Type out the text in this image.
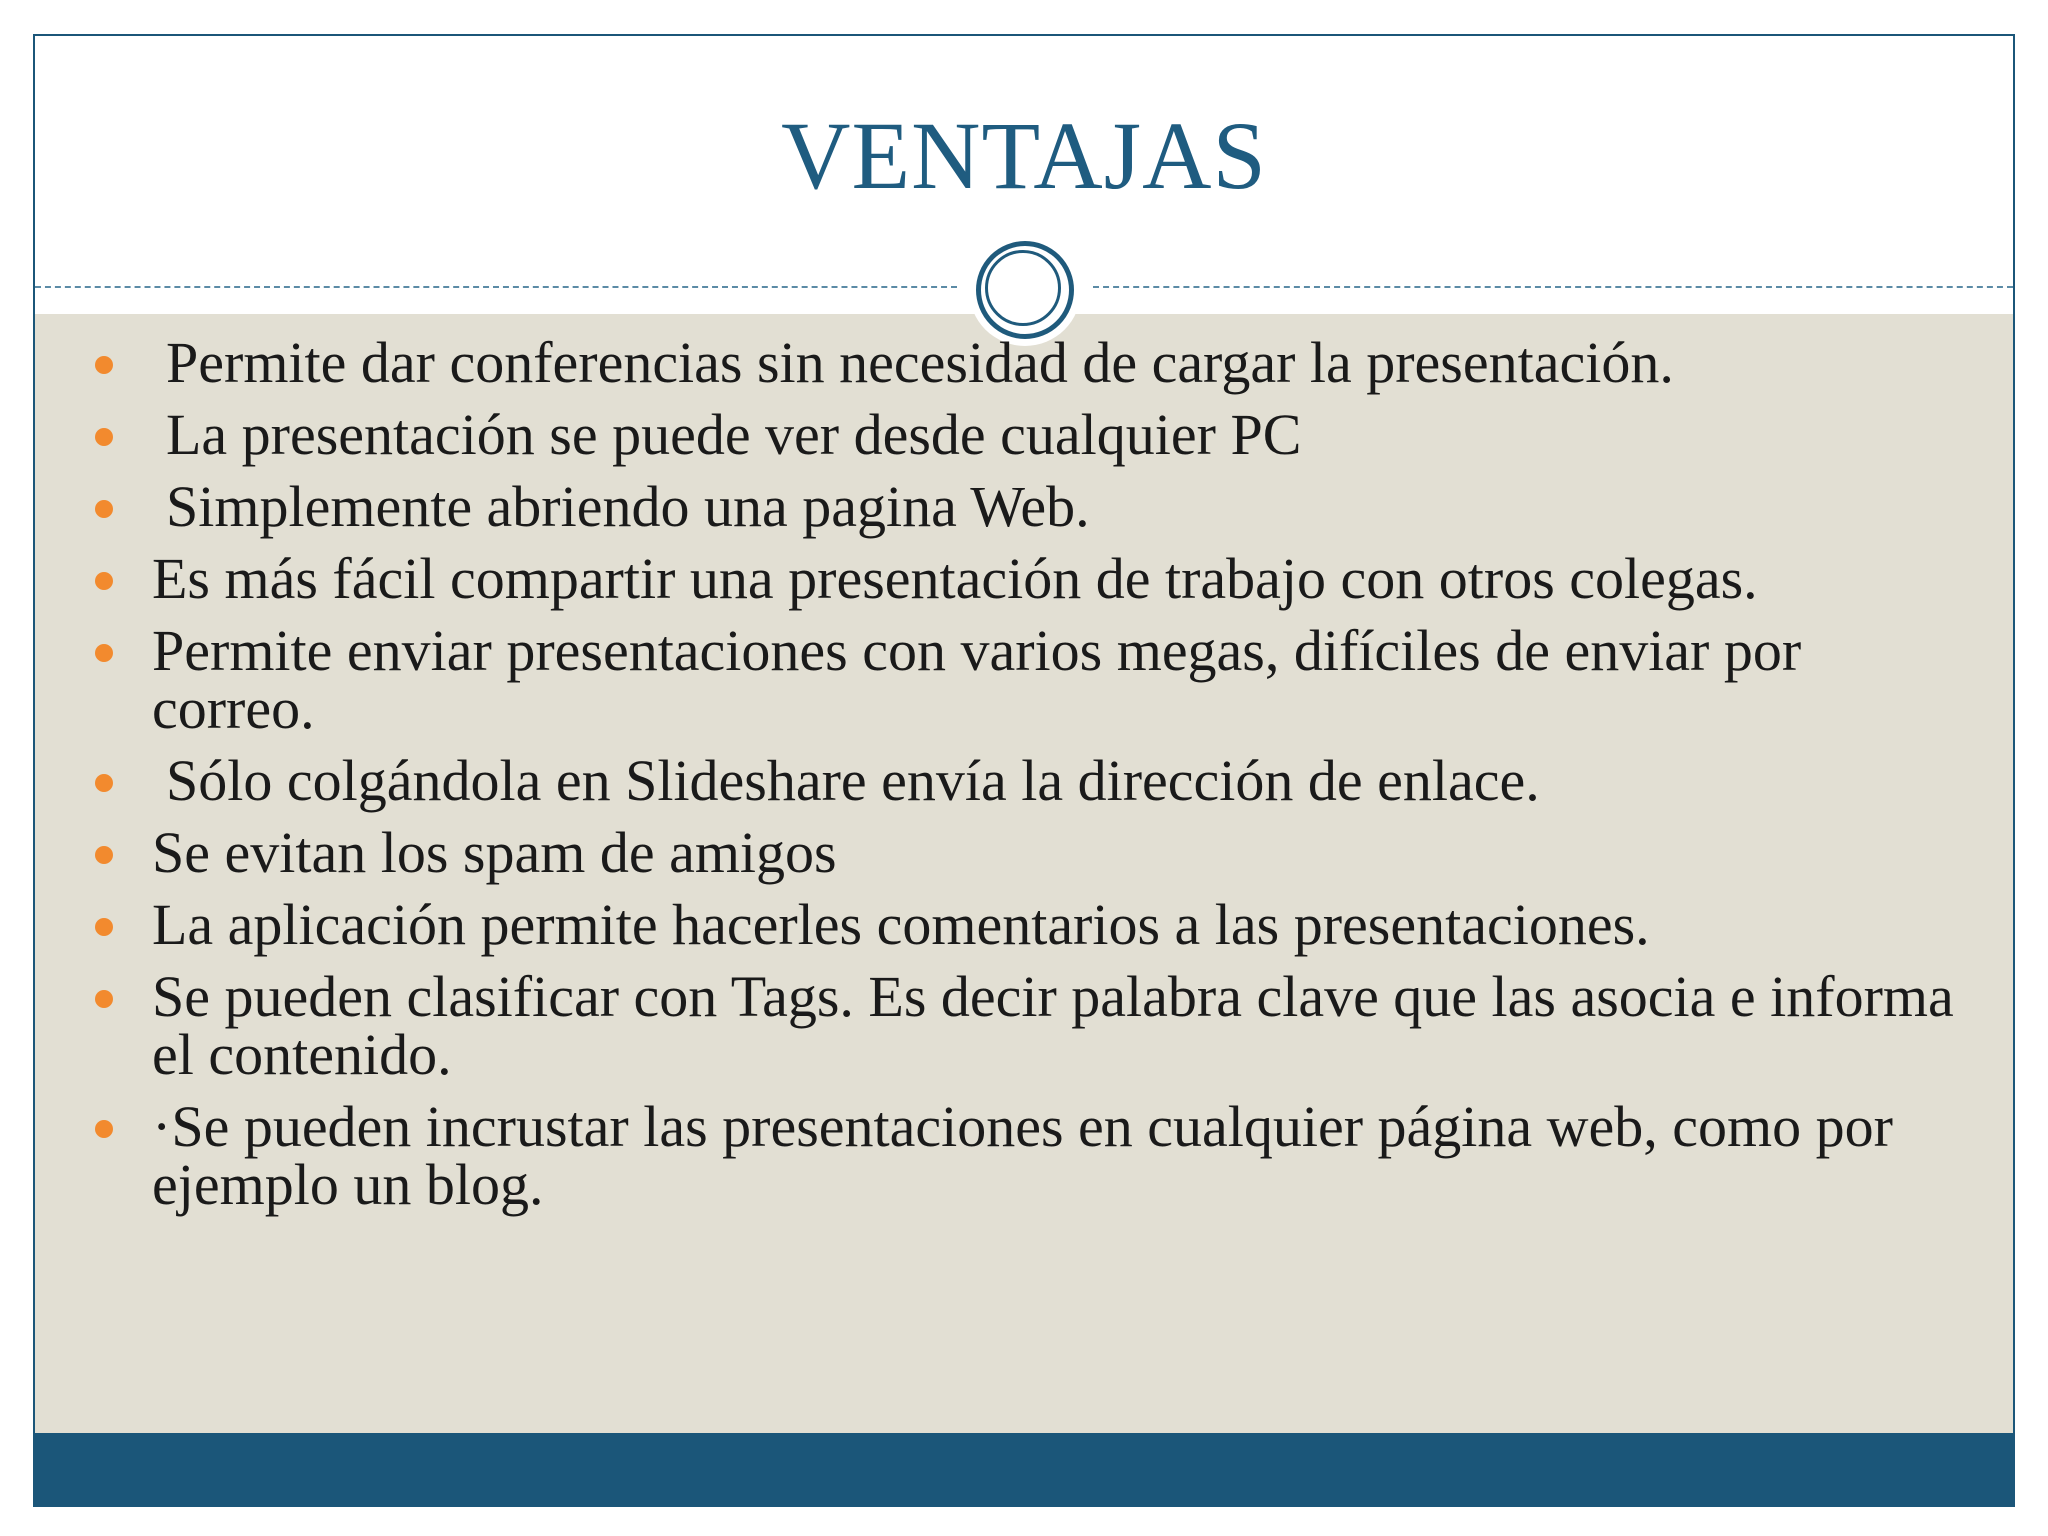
VENTAJAS
Permite dar conferencias sin necesidad de cargar la presentación.
La presentación se puede ver desde cualquier PC
Simplemente abriendo una pagina Web.
Es más fácil compartir una presentación de trabajo con otros colegas.
Permite enviar presentaciones con varios megas, difíciles de enviar por correo.
Sólo colgándola en Slideshare envía la dirección de enlace.
Se evitan los spam de amigos
La aplicación permite hacerles comentarios a las presentaciones.
Se pueden clasificar con Tags. Es decir palabra clave que las asocia e informa el contenido.
·Se pueden incrustar las presentaciones en cualquier página web, como por ejemplo un blog.
